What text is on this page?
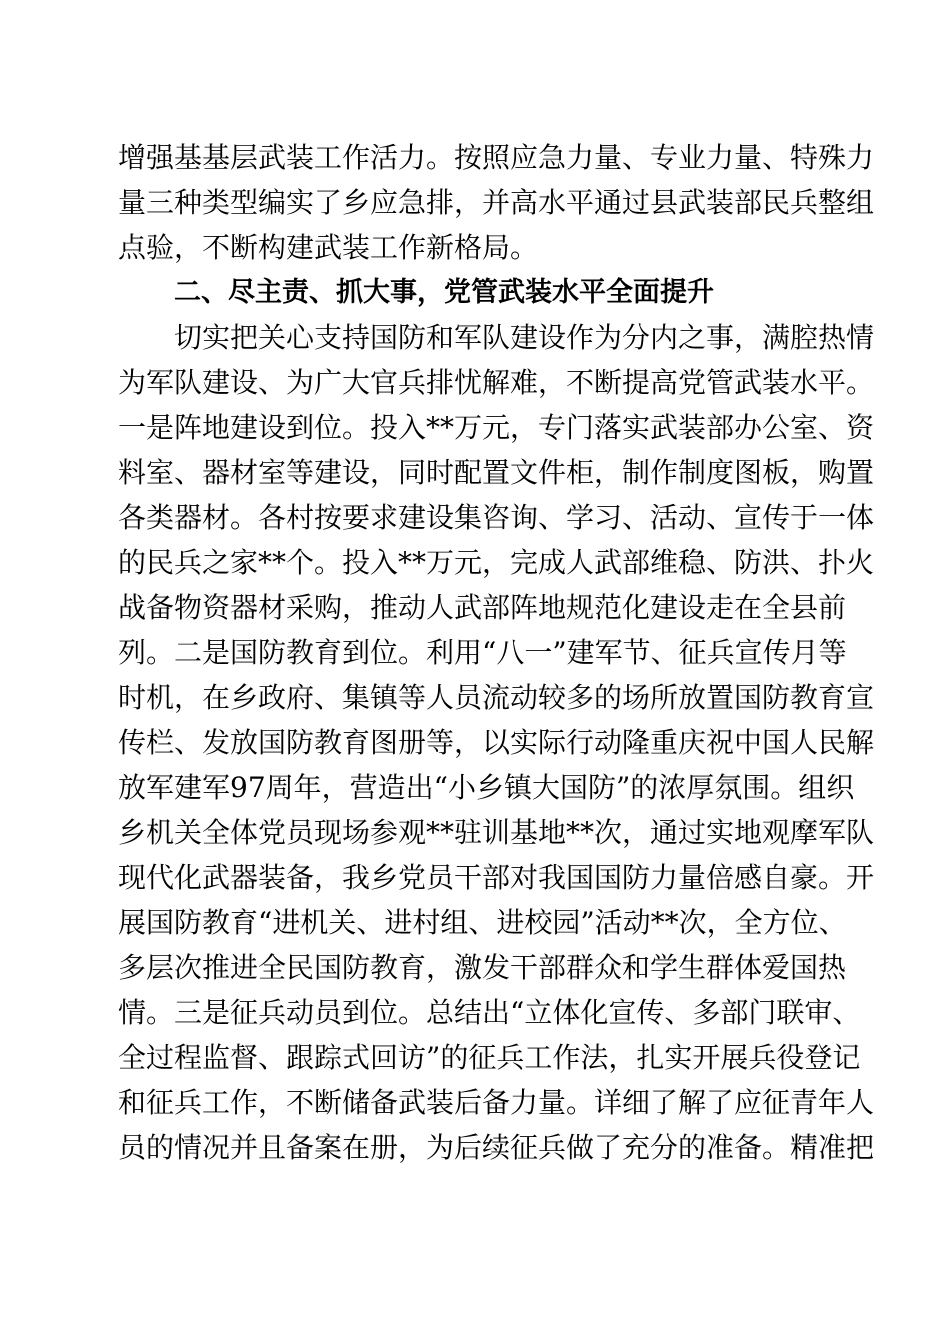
增强基基层武装工作活力。按照应急力量、专业力量、特殊力
量三种类型编实了乡应急排，并高水平通过县武装部民兵整组
点验，不断构建武装工作新格局。
二、尽主责、抓大事，党管武装水平全面提升
切实把关心支持国防和军队建设作为分内之事，满腔热情
为军队建设、为广大官兵排忧解难，不断提高党管武装水平。
一是阵地建设到位。投入**万元，专门落实武装部办公室、资
料室、器材室等建设，同时配置文件柜，制作制度图板，购置
各类器材。各村按要求建设集咨询、学习、活动、宣传于一体
的民兵之家**个。投入**万元，完成人武部维稳、防洪、扑火
战备物资器材采购，推动人武部阵地规范化建设走在全县前
列。二是国防教育到位。利用“八一”建军节、征兵宣传月等
时机，在乡政府、集镇等人员流动较多的场所放置国防教育宣
传栏、发放国防教育图册等，以实际行动隆重庆祝中国人民解
放军建军97周年，营造出“小乡镇大国防”的浓厚氛围。组织
乡机关全体党员现场参观**驻训基地**次，通过实地观摩军队
现代化武器装备，我乡党员干部对我国国防力量倍感自豪。开
展国防教育“进机关、进村组、进校园”活动**次，全方位、
多层次推进全民国防教育，激发干部群众和学生群体爱国热
情。三是征兵动员到位。总结出“立体化宣传、多部门联审、
全过程监督、跟踪式回访”的征兵工作法，扎实开展兵役登记
和征兵工作，不断储备武装后备力量。详细了解了应征青年人
员的情况并且备案在册，为后续征兵做了充分的准备。精准把
